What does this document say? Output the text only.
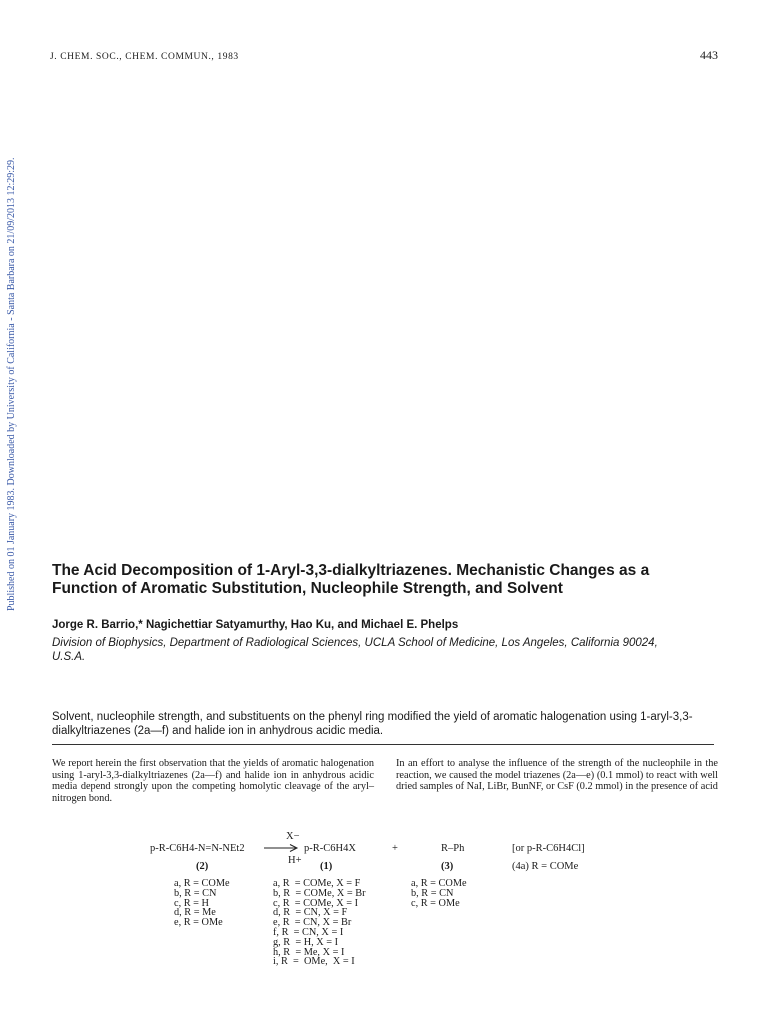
J. CHEM. SOC., CHEM. COMMUN., 1983	443
Published on 01 January 1983. Downloaded by University of California - Santa Barbara on 21/09/2013 12:29:29. The Acid Decomposition of 1-Aryl-3,3-dialkyltriazenes. Mechanistic Changes as a Function of Aromatic Substitution, Nucleophile Strength, and Solvent
Jorge R. Barrio,* Nagichettiar Satyamurthy, Hao Ku, and Michael E. Phelps
Division of Biophysics, Department of Radiological Sciences, UCLA School of Medicine, Los Angeles, California 90024, U.S.A.
Solvent, nucleophile strength, and substituents on the phenyl ring modified the yield of aromatic halogenation using 1-aryl-3,3-dialkyltriazenes (2a—f) and halide ion in anhydrous acidic media.
We report herein the first observation that the yields of aromatic halogenation using 1-aryl-3,3-dialkyltriazenes (2a—f) and halide ion in anhydrous acidic media depend strongly upon the competing homolytic cleavage of the aryl–nitrogen bond.
In an effort to analyse the influence of the strength of the nucleophile in the reaction, we caused the model triazenes (2a—e) (0.1 mmol) to react with well dried samples of NaI, LiBr, BunNF, or CsF (0.2 mmol) in the presence of acid
X−
p-R-C6H4-N=N-NEt2 →
H+
p-R-C6H4X	+	R–Ph	[or p-R-C6H4Cl]
(2)	(1)	(3)	(4a) R = COMe
a, R = COMe
b, R = CN
c, R = H
d, R = Me
e, R = OMe
a, R  = COMe, X = F
b, R  = COMe, X = Br
c, R  = COMe, X = I
d, R  = CN, X = F
e, R  = CN, X = Br
f, R  = CN, X = I
g, R  = H, X = I
h, R  = Me, X = I
i, R  =  OMe,  X = I
a, R = COMe
b, R = CN
c, R = OMe
